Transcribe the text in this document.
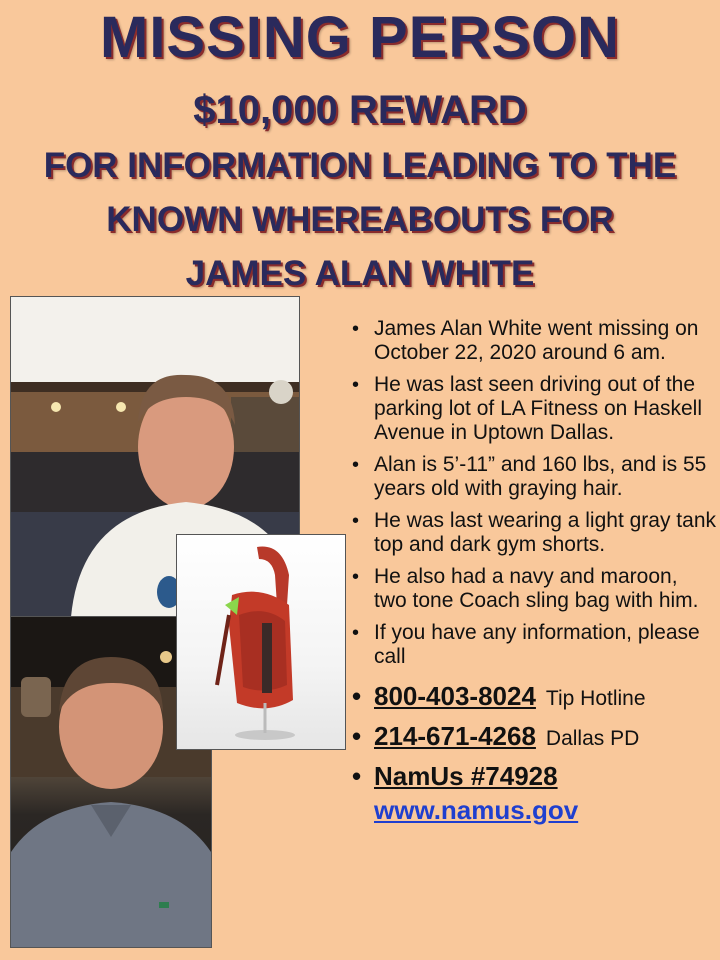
MISSING PERSON
$10,000 REWARD
FOR INFORMATION LEADING TO THE
KNOWN WHEREABOUTS FOR
JAMES ALAN WHITE
• James Alan White went missing on October 22, 2020 around 6 am.
• He was last seen driving out of the parking lot of LA Fitness on Haskell Avenue in Uptown Dallas.
• Alan is 5’-11” and 160 lbs, and is 55 years old with graying hair.
• He was last wearing a light gray tank top and dark gym shorts.
• He also had a navy and maroon, two tone Coach sling bag with him.
• If you have any information, please call
• 800-403-8024 Tip Hotline
• 214-671-4268 Dallas PD
• NamUs #74928
www.namus.gov
